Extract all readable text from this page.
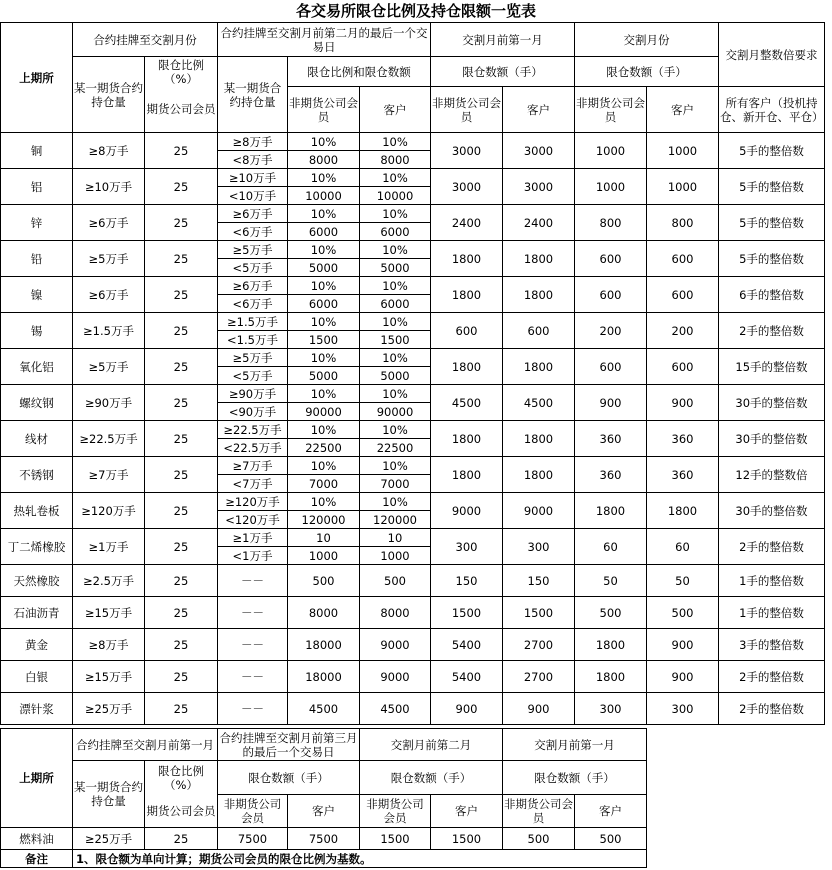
各交易所限仓比例及持仓限额一览表
上期所	合约挂牌至交割月份		合约挂牌至交割月前第二月的最后一个交易日			交割月前第一月		交割月份		交割月整数倍要求
	某一期货合约持仓量	限仓比例（%）	某一期货合约持仓量	限仓比例和限仓数额		限仓数额（手）		限仓数额（手）		
		期货公司会员		非期货公司会员	客户	非期货公司会员	客户	非期货公司会员	客户	所有客户（投机持仓、新开仓、平仓）
铜	≥8万手	25	≥8万手	10%	10%	3000	3000	1000	1000	5手的整倍数
			<8万手	8000	8000					
铝	≥10万手	25	≥10万手	10%	10%	3000	3000	1000	1000	5手的整倍数
			<10万手	10000	10000					
锌	≥6万手	25	≥6万手	10%	10%	2400	2400	800	800	5手的整倍数
			<6万手	6000	6000					
铅	≥5万手	25	≥5万手	10%	10%	1800	1800	600	600	5手的整倍数
			<5万手	5000	5000					
镍	≥6万手	25	≥6万手	10%	10%	1800	1800	600	600	6手的整倍数
			<6万手	6000	6000					
锡	≥1.5万手	25	≥1.5万手	10%	10%	600	600	200	200	2手的整倍数
			<1.5万手	1500	1500					
氧化铝	≥5万手	25	≥5万手	10%	10%	1800	1800	600	600	15手的整倍数
			<5万手	5000	5000					
螺纹钢	≥90万手	25	≥90万手	10%	10%	4500	4500	900	900	30手的整倍数
			<90万手	90000	90000					
线材	≥22.5万手	25	≥22.5万手	10%	10%	1800	1800	360	360	30手的整倍数
			<22.5万手	22500	22500					
不锈钢	≥7万手	25	≥7万手	10%	10%	1800	1800	360	360	12手的整数倍
			<7万手	7000	7000					
热轧卷板	≥120万手	25	≥120万手	10%	10%	9000	9000	1800	1800	30手的整倍数
			<120万手	120000	120000					
丁二烯橡胶	≥1万手	25	≥1万手	10	10	300	300	60	60	2手的整倍数
			<1万手	1000	1000					
天然橡胶	≥2.5万手	25	－－	500	500	150	150	50	50	1手的整倍数
石油沥青	≥15万手	25	－－	8000	8000	1500	1500	500	500	1手的整倍数
黄金	≥8万手	25	－－	18000	9000	5400	2700	1800	900	3手的整倍数
白银	≥15万手	25	－－	18000	9000	5400	2700	1800	900	2手的整倍数
漂针浆	≥25万手	25	－－	4500	4500	900	900	300	300	2手的整倍数
上期所	合约挂牌至交割月前第一月		合约挂牌至交割月前第三月的最后一个交易日		交割月前第二月		交割月前第一月	
	某一期货合约持仓量	限仓比例（%）	限仓数额（手）		限仓数额（手）		限仓数额（手）	
		期货公司会员	非期货公司会员	客户	非期货公司会员	客户	非期货公司会员	客户
燃料油	≥25万手	25	7500	7500	1500	1500	500	500
备注	1、限仓额为单向计算；期货公司会员的限仓比例为基数。							
